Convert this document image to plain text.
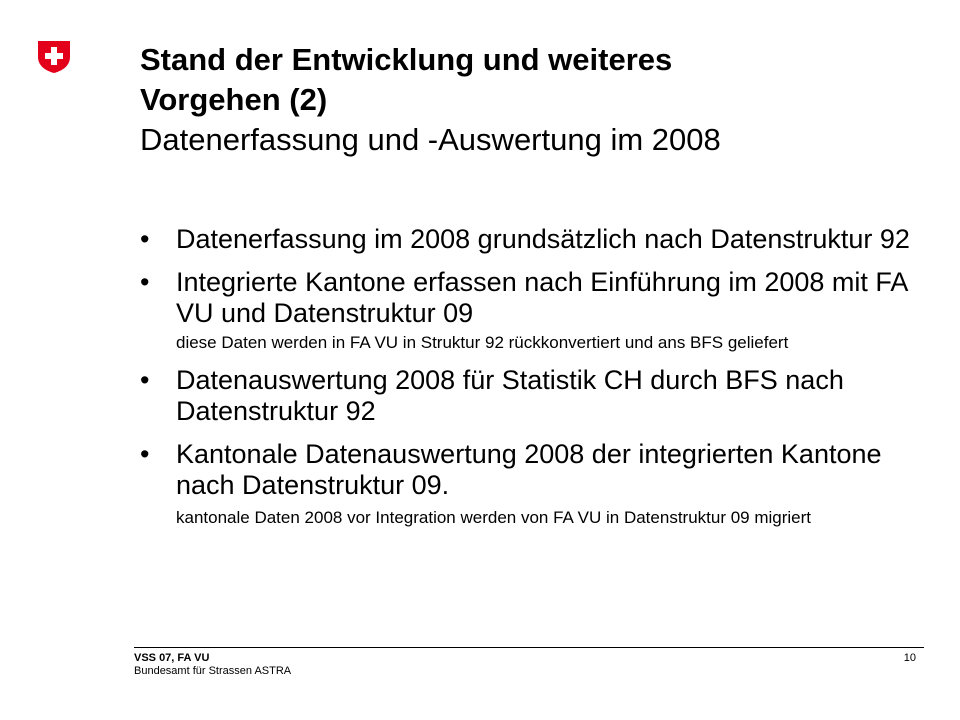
Stand der Entwicklung und weiteres
Vorgehen (2)
Datenerfassung und -Auswertung im 2008
• Datenerfassung im 2008 grundsätzlich nach Datenstruktur 92
• Integrierte Kantone erfassen nach Einführung im 2008 mit FA VU und Datenstruktur 09
diese Daten werden in FA VU in Struktur 92 rückkonvertiert und ans BFS geliefert
• Datenauswertung 2008 für Statistik CH durch BFS nach Datenstruktur 92
• Kantonale Datenauswertung 2008 der integrierten Kantone nach Datenstruktur 09.
kantonale Daten 2008 vor Integration werden von FA VU in Datenstruktur 09 migriert
VSS 07, FA VU
Bundesamt für Strassen ASTRA
10
